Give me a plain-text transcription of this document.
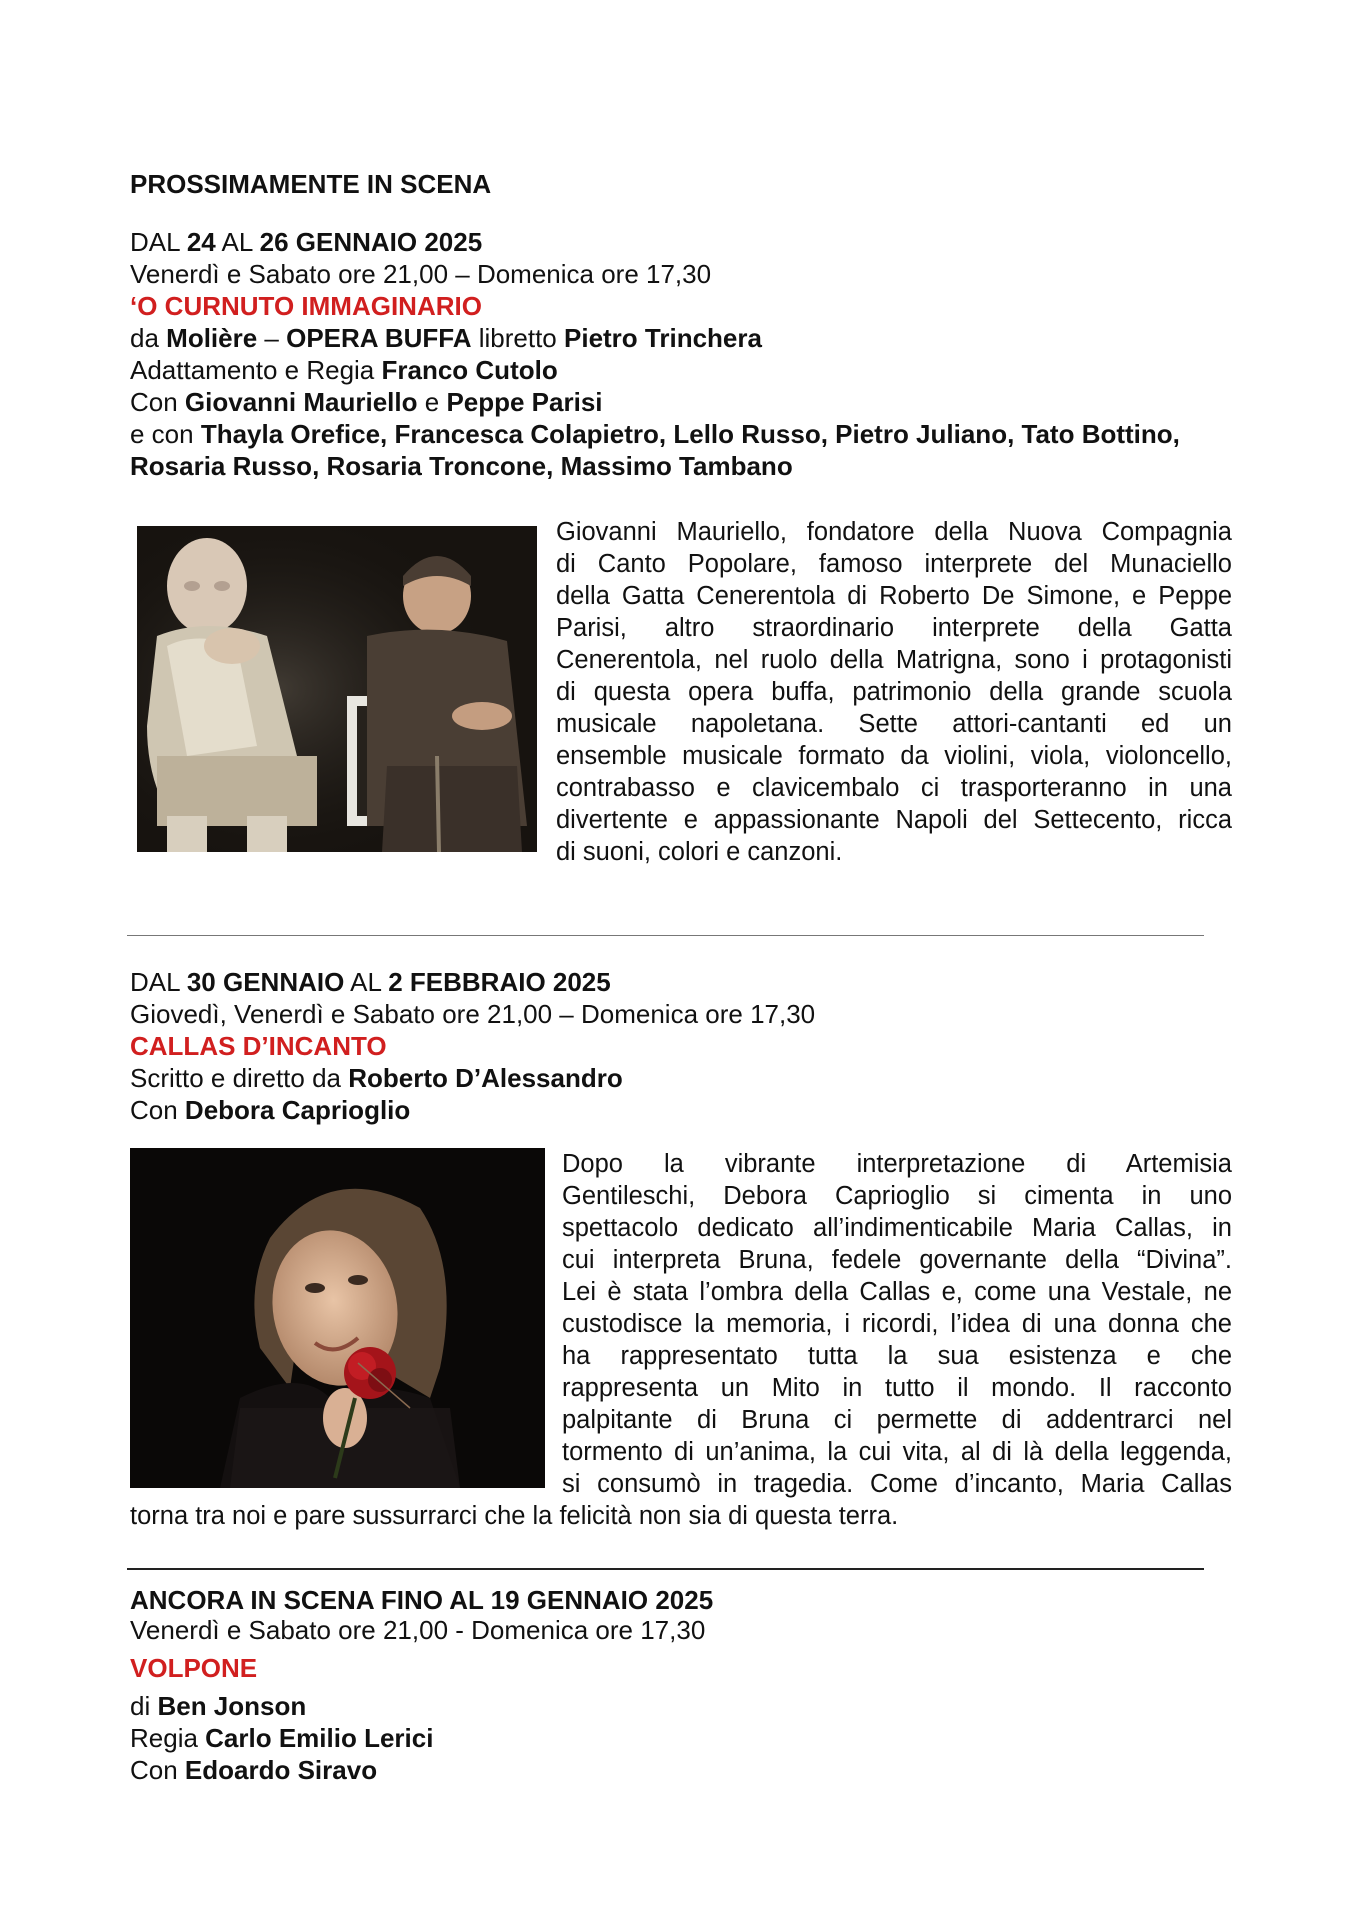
PROSSIMAMENTE IN SCENA
DAL 24 AL 26 GENNAIO 2025
Venerdì e Sabato ore 21,00 – Domenica ore 17,30
‘O CURNUTO IMMAGINARIO
da Molière – OPERA BUFFA libretto Pietro Trinchera
Adattamento e Regia Franco Cutolo
Con Giovanni Mauriello e Peppe Parisi
e con Thayla Orefice, Francesca Colapietro, Lello Russo, Pietro Juliano, Tato Bottino,
Rosaria Russo, Rosaria Troncone, Massimo Tambano
Giovanni Mauriello, fondatore della Nuova Compagnia
di Canto Popolare, famoso interprete del Munaciello
della Gatta Cenerentola di Roberto De Simone, e Peppe
Parisi, altro straordinario interprete della Gatta
Cenerentola, nel ruolo della Matrigna, sono i protagonisti
di questa opera buffa, patrimonio della grande scuola
musicale napoletana. Sette attori-cantanti ed un
ensemble musicale formato da violini, viola, violoncello,
contrabasso e clavicembalo ci trasporteranno in una
divertente e appassionante Napoli del Settecento, ricca
di suoni, colori e canzoni.
DAL 30 GENNAIO AL 2 FEBBRAIO 2025
Giovedì, Venerdì e Sabato ore 21,00 – Domenica ore 17,30
CALLAS D’INCANTO
Scritto e diretto da Roberto D’Alessandro
Con Debora Caprioglio
Dopo la vibrante interpretazione di Artemisia
Gentileschi, Debora Caprioglio si cimenta in uno
spettacolo dedicato all’indimenticabile Maria Callas, in
cui interpreta Bruna, fedele governante della “Divina”.
Lei è stata l’ombra della Callas e, come una Vestale, ne
custodisce la memoria, i ricordi, l’idea di una donna che
ha rappresentato tutta la sua esistenza e che
rappresenta un Mito in tutto il mondo. Il racconto
palpitante di Bruna ci permette di addentrarci nel
tormento di un’anima, la cui vita, al di là della leggenda,
si consumò in tragedia. Come d’incanto, Maria Callas
torna tra noi e pare sussurrarci che la felicità non sia di questa terra.
ANCORA IN SCENA FINO AL 19 GENNAIO 2025
Venerdì e Sabato ore 21,00 - Domenica ore 17,30
VOLPONE
di Ben Jonson
Regia Carlo Emilio Lerici
Con Edoardo Siravo
